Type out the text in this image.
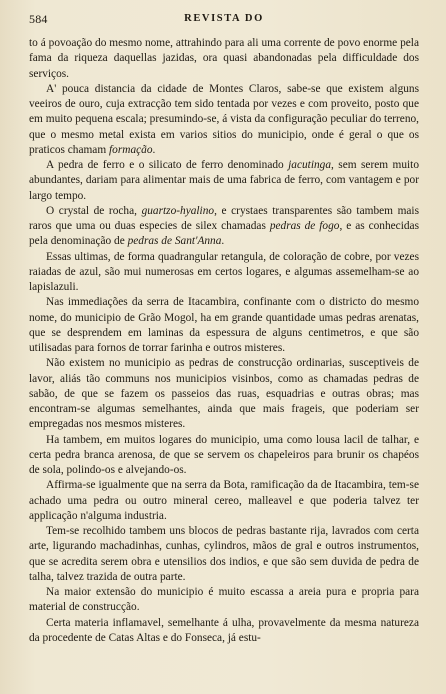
584	REVISTA DO

to á povoação do mesmo nome, attrahindo para ali uma corrente de povo enorme pela fama da riqueza daquellas jazidas, ora quasi abandonadas pela difficuldade dos serviços.

A' pouca distancia da cidade de Montes Claros, sabe-se que existem alguns veeiros de ouro, cuja extracção tem sido tentada por vezes e com proveito, posto que em muito pequena escala; presumindo-se, á vista da configuração peculiar do terreno, que o mesmo metal exista em varios sitios do municipio, onde é geral o que os praticos chamam formação.

A pedra de ferro e o silicato de ferro denominado jacutinga, sem serem muito abundantes, dariam para alimentar mais de uma fabrica de ferro, com vantagem e por largo tempo.

O crystal de rocha, guartzo-hyalino, e crystaes transparentes são tambem mais raros que uma ou duas especies de silex chamadas pedras de fogo, e as conhecidas pela denominação de pedras de Sant'Anna.

Essas ultimas, de forma quadrangular retangula, de coloração de cobre, por vezes raiadas de azul, são mui numerosas em certos logares, e algumas assemelham-se ao lapislazuli.

Nas immediações da serra de Itacambira, confinante com o districto do mesmo nome, do municipio de Grão Mogol, ha em grande quantidade umas pedras arenatas, que se desprendem em laminas da espessura de alguns centimetros, e que são utilisadas para fornos de torrar farinha e outros misteres.

Não existem no municipio as pedras de construcção ordinarias, susceptiveis de lavor, aliás tão communs nos municipios visinbos, como as chamadas pedras de sabão, de que se fazem os passeios das ruas, esquadrias e outras obras; mas encontram-se algumas semelhantes, ainda que mais frageis, que poderiam ser empregadas nos mesmos misteres.

Ha tambem, em muitos logares do municipio, uma como lousa lacil de talhar, e certa pedra branca arenosa, de que se servem os chapeleiros para brunir os chapéos de sola, polindo-os e alvejando-os.

Affirma-se igualmente que na serra da Bota, ramificação da de Itacambira, tem-se achado uma pedra ou outro mineral cereo, malleavel e que poderia talvez ter applicação n'alguma industria.

Tem-se recolhido tambem uns blocos de pedras bastante rija, lavrados com certa arte, ligurando machadinhas, cunhas, cylindros, mãos de gral e outros instrumentos, que se acredita serem obra e utensilios dos indios, e que são sem duvida de pedra de talha, talvez trazida de outra parte.

Na maior extensão do municipio é muito escassa a areia pura e propria para material de construcção.

Certa materia inflamavel, semelhante á ulha, provavelmente da mesma natureza da procedente de Catas Altas e do Fonseca, já estu-
